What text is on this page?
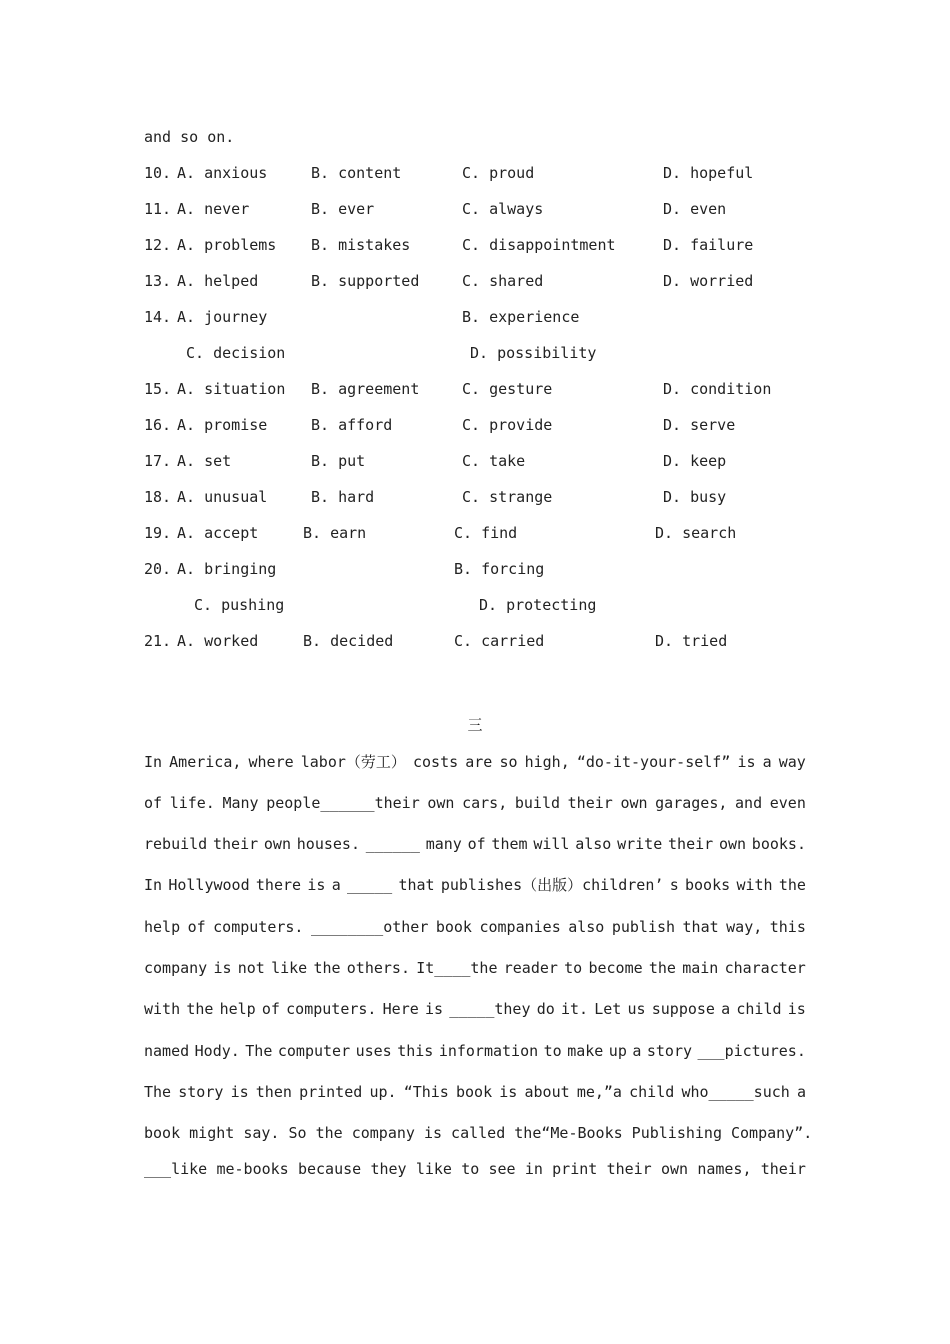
and so on.
10. A. anxious	B. content	C. proud	D. hopeful
11. A. never	B. ever	C. always	D. even
12. A. problems B. mistakes	C. disappointment	D. failure
13. A. helped	B. supported	C. shared	D. worried
14. A. journey	B. experience
C. decision	D. possibility
15. A. situation B. agreement	C. gesture	D. condition
16. A. promise	B. afford	C. provide	D. serve
17. A. set	B. put	C. take	D. keep
18. A. unusual	B. hard	C. strange	D. busy
19. A. accept	B. earn	C. find	D. search
20. A. bringing	B. forcing
C. pushing	D. protecting
21. A. worked	B. decided	C. carried	D. tried
三
In America, where labor（劳工） costs are so high, “do-it-your-self” is a way
of life. Many people______their own cars, build their own garages, and even
rebuild their own houses. ______ many of them will also write their own books.
In Hollywood there is a _____ that publishes（出版）children’ s books with the
help of computers. ________other book companies also publish that way, this
company is not like the others. It____the reader to become the main character
with the help of computers. Here is _____they do it. Let us suppose a child is
named Hody. The computer uses this information to make up a story ___pictures.
The story is then printed up. “This book is about me,”a child who_____such a
book might say. So the company is called the“Me-Books Publishing Company”.
___like me-books because they like to see in print their own names, their
